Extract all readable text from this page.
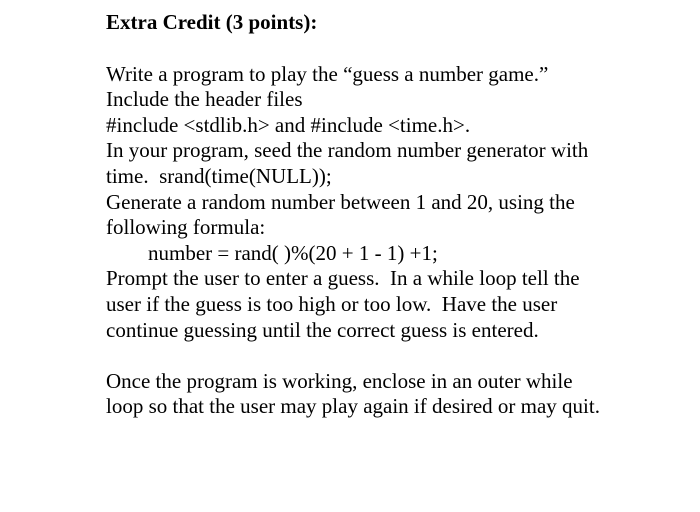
Extra Credit (3 points):

Write a program to play the “guess a number game.”
Include the header files
#include <stdlib.h> and #include <time.h>.
In your program, seed the random number generator with
time.  srand(time(NULL));
Generate a random number between 1 and 20, using the
following formula:
number = rand( )%(20 + 1 - 1) +1;
Prompt the user to enter a guess.  In a while loop tell the
user if the guess is too high or too low.  Have the user
continue guessing until the correct guess is entered.
Once the program is working, enclose in an outer while
loop so that the user may play again if desired or may quit.
